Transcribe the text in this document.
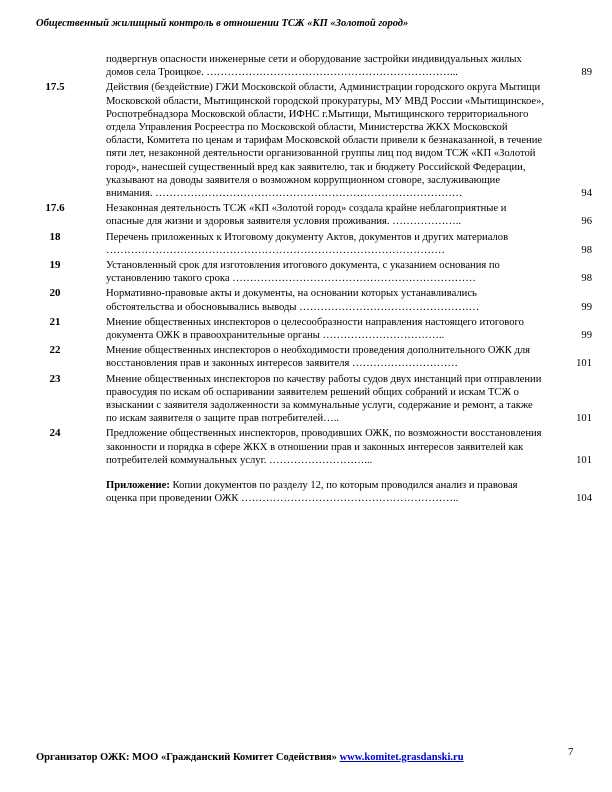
Общественный жилищный контроль в отношении ТСЖ «КП «Золотой город»
подвергнув опасности инженерные сети и оборудование застройки индивидуальных жилых домов села Троицкое. ……………………………………………………………...	89
17.5	Действия (бездействие) ГЖИ Московской области, Администрации городского округа Мытищи Московской области, Мытищинской городской прокуратуры, МУ МВД России «Мытищинское», Роспотребнадзора Московской области, ИФНС г.Мытищи, Мытищинского территориального отдела Управления Росреестра по Московской области, Министерства ЖКХ Московской области, Комитета по ценам и тарифам Московской области привели к безнаказанной, в течение пяти лет, незаконной деятельности организованной группы лиц под видом ТСЖ «КП «Золотой город», нанесшей существенный вред как заявителю, так и бюджету Российской Федерации, указывают на доводы заявителя о возможном коррупционном сговоре, заслуживающие внимания. ……………………………………………………………………………	94
17.6	Незаконная деятельность ТСЖ «КП «Золотой город» создала крайне неблагоприятные и опасные для жизни и здоровья заявителя условия проживания. ………………..	96
18	Перечень приложенных к Итоговому документу Актов, документов и других материалов ……………………………………………………………………………………	98
19	Установленный срок для изготовления итогового документа, с указанием основания по установлению такого срока ……………………………………………………………	98
20	Нормативно-правовые акты и документы, на основании которых устанавливались обстоятельства и обосновывались выводы ……………………………………………	99
21	Мнение общественных инспекторов о целесообразности направления настоящего итогового документа ОЖК в правоохранительные органы ……………………………..	99
22	Мнение общественных инспекторов о необходимости проведения дополнительного ОЖК для восстановления прав и законных интересов заявителя …………………………	101
23	Мнение общественных инспекторов по качеству работы судов двух инстанций при отправлении правосудия по искам об оспаривании заявителем решений общих собраний и искам ТСЖ о взыскании с заявителя задолженности за коммунальные услуги, содержание и ремонт, а также по искам заявителя о защите прав потребителей…..	101
24	Предложение общественных инспекторов, проводивших ОЖК, по возможности восстановления законности и порядка в сфере ЖКХ в отношении прав и законных интересов заявителей как потребителей коммунальных услуг. ………………………...	101
Приложение: Копии документов по разделу 12, по которым проводился анализ и правовая оценка при проведении ОЖК ……………………………………………………..	104
Организатор ОЖК: МОО «Гражданский Комитет Содействия» www.komitet.grasdanski.ru	7
